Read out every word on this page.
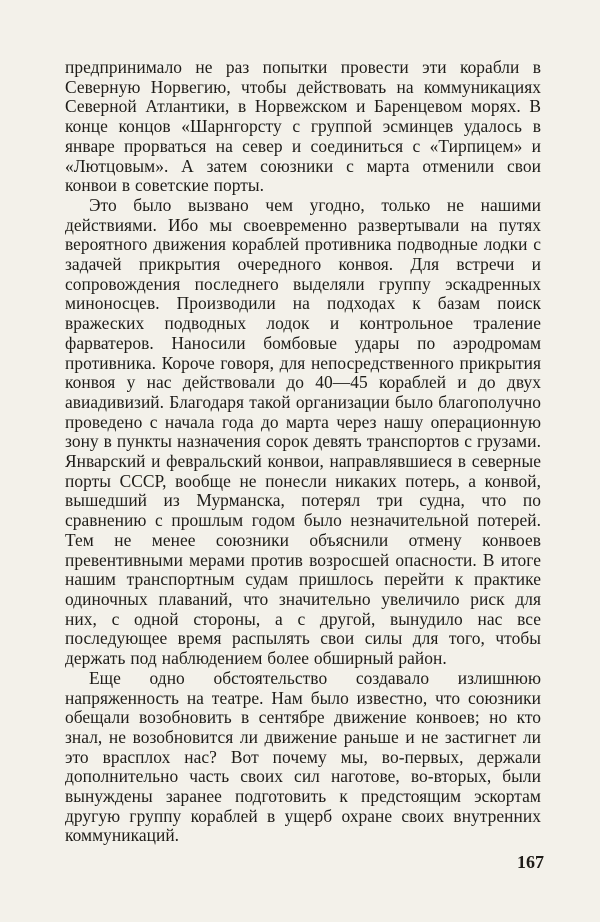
предпринимало не раз попытки провести эти корабли в Северную Норвегию, чтобы действовать на коммуникациях Северной Атлантики, в Норвежском и Баренцевом морях. В конце концов «Шарнгорсту с группой эсминцев удалось в январе прорваться на север и соединиться с «Тирпицем» и «Лютцовым». А затем союзники с марта отменили свои конвои в советские порты.

Это было вызвано чем угодно, только не нашими действиями. Ибо мы своевременно развертывали на путях вероятного движения кораблей противника подводные лодки с задачей прикрытия очередного конвоя. Для встречи и сопровождения последнего выделяли группу эскадренных миноносцев. Производили на подходах к базам поиск вражеских подводных лодок и контрольное траление фарватеров. Наносили бомбовые удары по аэродромам противника. Короче говоря, для непосредственного прикрытия конвоя у нас действовали до 40—45 кораблей и до двух авиадивизий. Благодаря такой организации было благополучно проведено с начала года до марта через нашу операционную зону в пункты назначения сорок девять транспортов с грузами. Январский и февральский конвои, направлявшиеся в северные порты СССР, вообще не понесли никаких потерь, а конвой, вышедший из Мурманска, потерял три судна, что по сравнению с прошлым годом было незначительной потерей. Тем не менее союзники объяснили отмену конвоев превентивными мерами против возросшей опасности. В итоге нашим транспортным судам пришлось перейти к практике одиночных плаваний, что значительно увеличило риск для них, с одной стороны, а с другой, вынудило нас все последующее время распылять свои силы для того, чтобы держать под наблюдением более обширный район.

Еще одно обстоятельство создавало излишнюю напряженность на театре. Нам было известно, что союзники обещали возобновить в сентябре движение конвоев; но кто знал, не возобновится ли движение раньше и не застигнет ли это врасплох нас? Вот почему мы, во-первых, держали дополнительно часть своих сил наготове, во-вторых, были вынуждены заранее подготовить к предстоящим эскортам другую группу кораблей в ущерб охране своих внутренних коммуникаций.

167
